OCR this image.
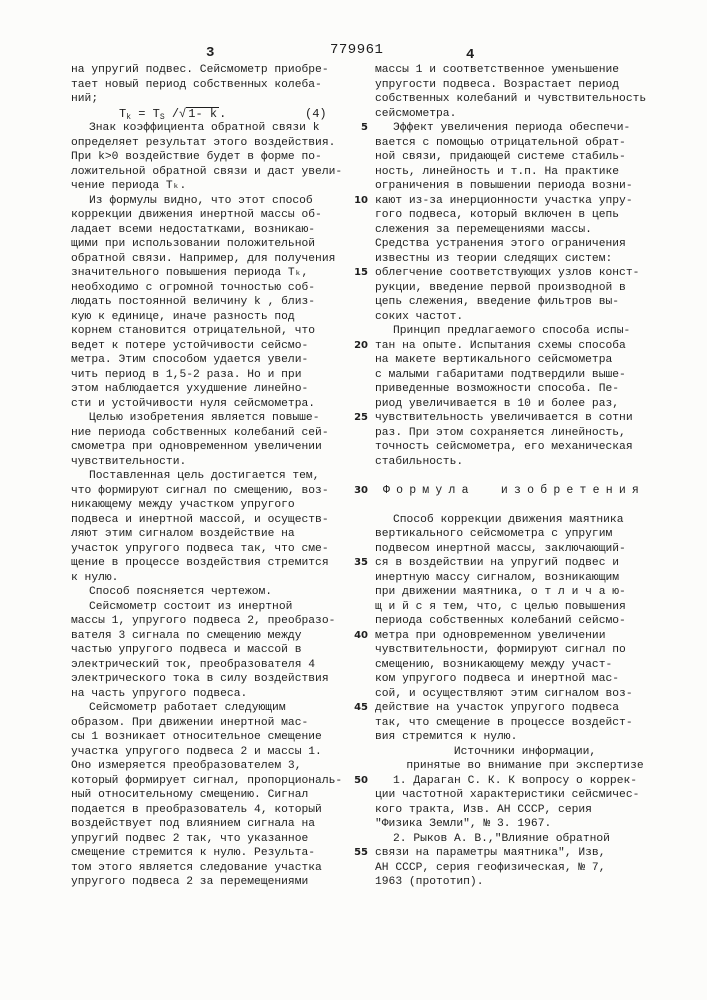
3	779961	4
на упругий подвес. Сейсмометр приобре-
тает новый период собственных колеба-
ний;
Tk = TS /√ 1- k.	(4)
Знак коэффициента обратной связи k
определяет результат этого воздействия.
При k>0 воздействие будет в форме по-
ложительной обратной связи и даст увели-
чение периода Tₖ.
Из формулы видно, что этот способ
коррекции движения инертной массы об-
ладает всеми недостатками, возникаю-
щими при использовании положительной
обратной связи. Например, для получения
значительного повышения периода Tₖ,
необходимо с огромной точностью соб-
людать постоянной величину k , близ-
кую к единице, иначе разность под
корнем становится отрицательной, что
ведет к потере устойчивости сейсмо-
метра. Этим способом удается увели-
чить период в 1,5-2 раза. Но и при
этом наблюдается ухудшение линейно-
сти и устойчивости нуля сейсмометра.
Целью изобретения является повыше-
ние периода собственных колебаний сей-
смометра при одновременном увеличении
чувствительности.
Поставленная цель достигается тем,
что формируют сигнал по смещению, воз-
никающему между участком упругого
подвеса и инертной массой, и осуществ-
ляют этим сигналом воздействие на
участок упругого подвеса так, что сме-
щение в процессе воздействия стремится
к нулю.
Способ поясняется чертежом.
Сейсмометр состоит из инертной
массы 1, упругого подвеса 2, преобразо-
вателя 3 сигнала по смещению между
частью упругого подвеса и массой в
электрический ток, преобразователя 4
электрического тока в силу воздействия
на часть упругого подвеса.
Сейсмометр работает следующим
образом. При движении инертной мас-
сы 1 возникает относительное смещение
участка упругого подвеса 2 и массы 1.
Оно измеряется преобразователем 3,
который формирует сигнал, пропорциональ-
ный относительному смещению. Сигнал
подается в преобразователь 4, который
воздействует под влиянием сигнала на
упругий подвес 2 так, что указанное
смещение стремится к нулю. Результа-
том этого является следование участка
упругого подвеса 2 за перемещениями
5
10
15
20
25
30
35
40
45
50
55
массы 1 и соответственное уменьшение
упругости подвеса. Возрастает период
собственных колебаний и чувствительность
сейсмометра.
Эффект увеличения периода обеспечи-
вается с помощью отрицательной обрат-
ной связи, придающей системе стабиль-
ность, линейность и т.п. На практике
ограничения в повышении периода возни-
кают из-за инерционности участка упру-
гого подвеса, который включен в цепь
слежения за перемещениями массы.
Средства устранения этого ограничения
известны из теории следящих систем:
облегчение соответствующих узлов конст-
рукции, введение первой производной в
цепь слежения, введение фильтров вы-
соких частот.
Принцип предлагаемого способа испы-
тан на опыте. Испытания схемы способа
на макете вертикального сейсмометра
с малыми габаритами подтвердили выше-
приведенные возможности способа. Пе-
риод увеличивается в 10 и более раз,
чувствительность увеличивается в сотни
раз. При этом сохраняется линейность,
точность сейсмометра, его механическая
стабильность.
Формула  изобретения
Способ коррекции движения маятника
вертикального сейсмометра с упругим
подвесом инертной массы, заключающий-
ся в воздействии на упругий подвес и
инертную массу сигналом, возникающим
при движении маятника, о т л и ч а ю-
щ и й с я тем, что, с целью повышения
периода собственных колебаний сейсмо-
метра при одновременном увеличении
чувствительности, формируют сигнал по
смещению, возникающему между участ-
ком упругого подвеса и инертной мас-
сой, и осуществляют этим сигналом воз-
действие на участок упругого подвеса
так, что смещение в процессе воздейст-
вия стремится к нулю.
Источники информации,
принятые во внимание при экспертизе
1. Дараган С. К. К вопросу о коррек-
ции частотной характеристики сейсмичес-
кого тракта, Изв. АН СССР, серия
"Физика Земли", № 3. 1967.
2. Рыков А. В.,"Влияние обратной
связи на параметры маятника", Изв,
АН СССР, серия геофизическая, № 7,
1963 (прототип).
